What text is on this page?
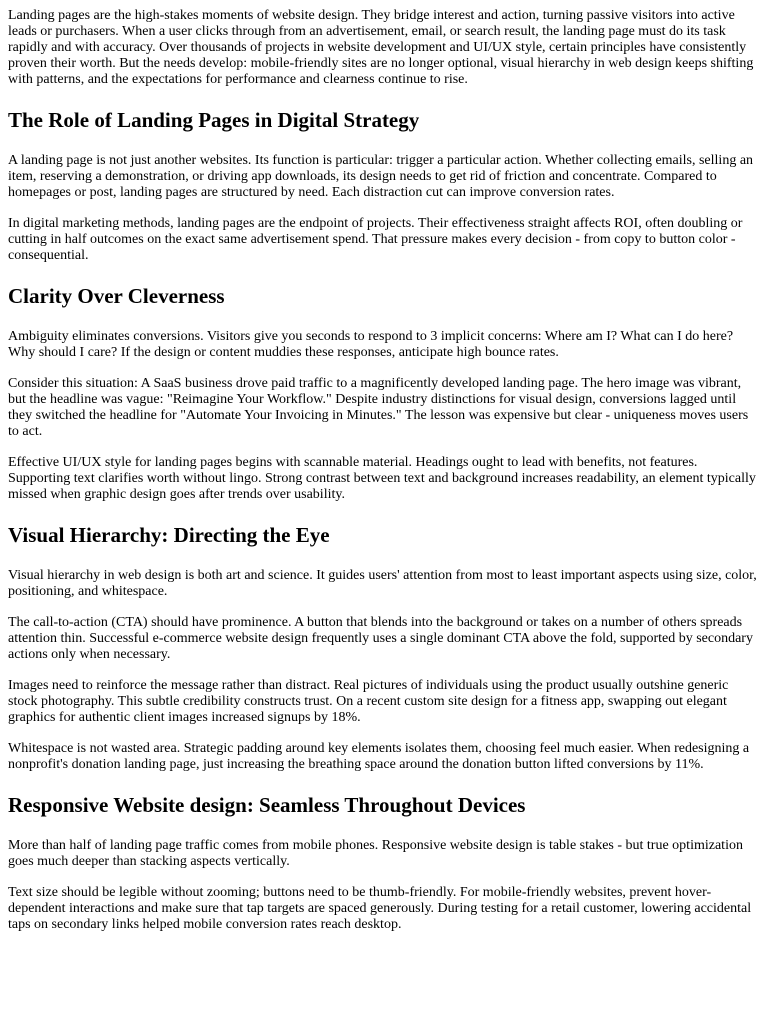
Landing pages are the high-stakes moments of website design. They bridge interest and action, turning passive visitors into active leads or purchasers. When a user clicks through from an advertisement, email, or search result, the landing page must do its task rapidly and with accuracy. Over thousands of projects in website development and UI/UX style, certain principles have consistently proven their worth. But the needs develop: mobile-friendly sites are no longer optional, visual hierarchy in web design keeps shifting with patterns, and the expectations for performance and clearness continue to rise.

The Role of Landing Pages in Digital Strategy

A landing page is not just another websites. Its function is particular: trigger a particular action. Whether collecting emails, selling an item, reserving a demonstration, or driving app downloads, its design needs to get rid of friction and concentrate. Compared to homepages or post, landing pages are structured by need. Each distraction cut can improve conversion rates.

In digital marketing methods, landing pages are the endpoint of projects. Their effectiveness straight affects ROI, often doubling or cutting in half outcomes on the exact same advertisement spend. That pressure makes every decision - from copy to button color - consequential.

Clarity Over Cleverness

Ambiguity eliminates conversions. Visitors give you seconds to respond to 3 implicit concerns: Where am I? What can I do here? Why should I care? If the design or content muddies these responses, anticipate high bounce rates.

Consider this situation: A SaaS business drove paid traffic to a magnificently developed landing page. The hero image was vibrant, but the headline was vague: "Reimagine Your Workflow." Despite industry distinctions for visual design, conversions lagged until they switched the headline for "Automate Your Invoicing in Minutes." The lesson was expensive but clear - uniqueness moves users to act.

Effective UI/UX style for landing pages begins with scannable material. Headings ought to lead with benefits, not features. Supporting text clarifies worth without lingo. Strong contrast between text and background increases readability, an element typically missed when graphic design goes after trends over usability.

Visual Hierarchy: Directing the Eye

Visual hierarchy in web design is both art and science. It guides users' attention from most to least important aspects using size, color, positioning, and whitespace.

The call-to-action (CTA) should have prominence. A button that blends into the background or takes on a number of others spreads attention thin. Successful e-commerce website design frequently uses a single dominant CTA above the fold, supported by secondary actions only when necessary.

Images need to reinforce the message rather than distract. Real pictures of individuals using the product usually outshine generic stock photography. This subtle credibility constructs trust. On a recent custom site design for a fitness app, swapping out elegant graphics for authentic client images increased signups by 18%.

Whitespace is not wasted area. Strategic padding around key elements isolates them, choosing feel much easier. When redesigning a nonprofit's donation landing page, just increasing the breathing space around the donation button lifted conversions by 11%.

Responsive Website design: Seamless Throughout Devices

More than half of landing page traffic comes from mobile phones. Responsive website design is table stakes - but true optimization goes much deeper than stacking aspects vertically.

Text size should be legible without zooming; buttons need to be thumb-friendly. For mobile-friendly websites, prevent hover-dependent interactions and make sure that tap targets are spaced generously. During testing for a retail customer, lowering accidental taps on secondary links helped mobile conversion rates reach desktop.
